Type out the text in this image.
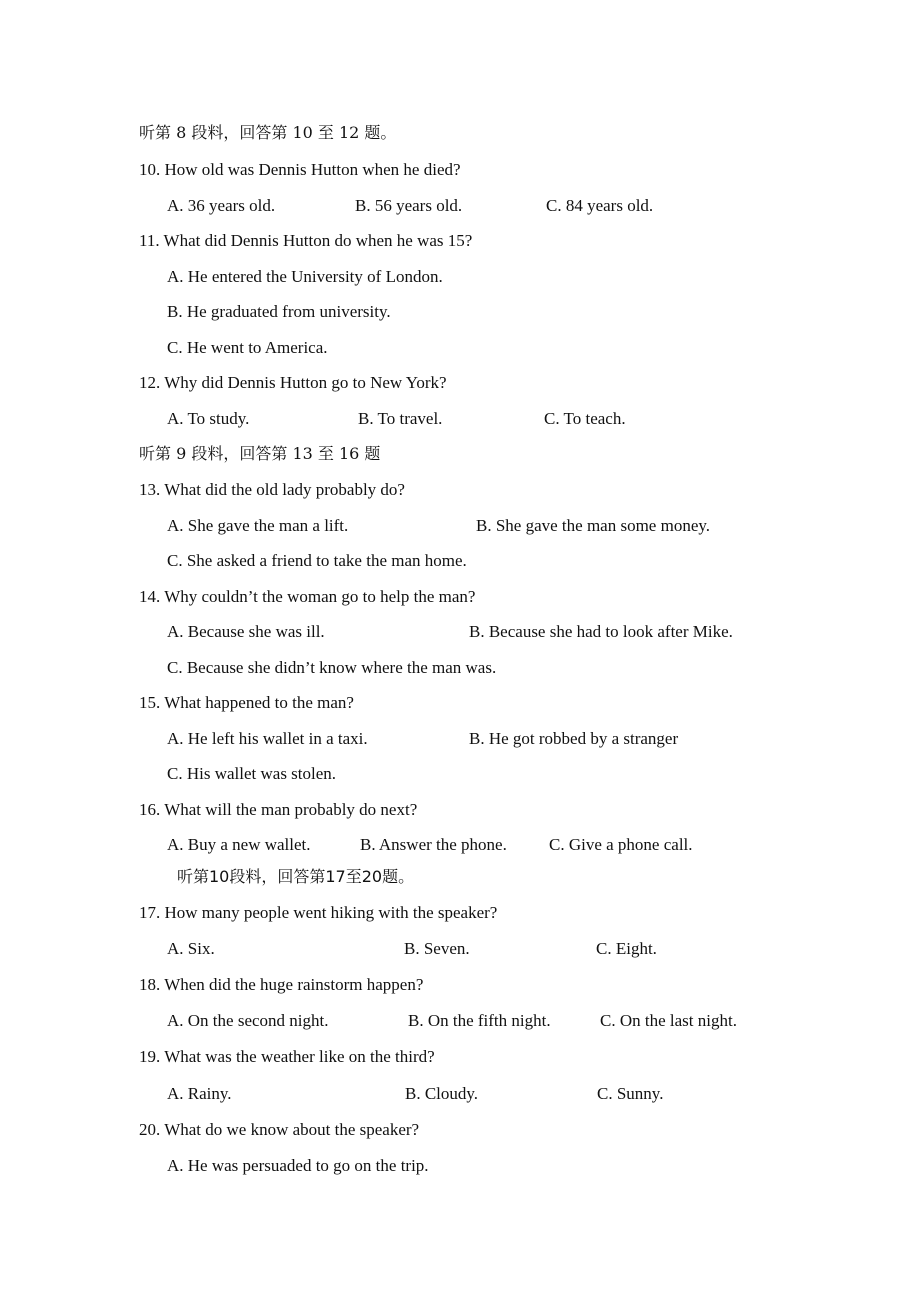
听第 8 段料，回答第 10 至 12 题。
10. How old was Dennis Hutton when he died?
A. 36 years old.	B. 56 years old.	C. 84 years old.
11. What did Dennis Hutton do when he was 15?
A. He entered the University of London.
B. He graduated from university.
C. He went to America.
12. Why did Dennis Hutton go to New York?
A. To study.	B. To travel.	C. To teach.
听第 9 段料，回答第 13 至 16 题
13. What did the old lady probably do?
A. She gave the man a lift.	B. She gave the man some money.
C. She asked a friend to take the man home.
14. Why couldn’t the woman go to help the man?
A. Because she was ill.	B. Because she had to look after Mike.
C. Because she didn’t know where the man was.
15. What happened to the man?
A. He left his wallet in a taxi.	B. He got robbed by a stranger
C. His wallet was stolen.
16. What will the man probably do next?
A. Buy a new wallet.	B. Answer the phone. C. Give a phone call.
听第10段料，回答第17至20题。
17. How many people went hiking with the speaker?
A. Six.	B. Seven.	C. Eight.
18. When did the huge rainstorm happen?
A. On the second night.	B. On the fifth night.	C. On the last night.
19. What was the weather like on the third?
A. Rainy.	B. Cloudy.	C. Sunny.
20. What do we know about the speaker?
A. He was persuaded to go on the trip.
